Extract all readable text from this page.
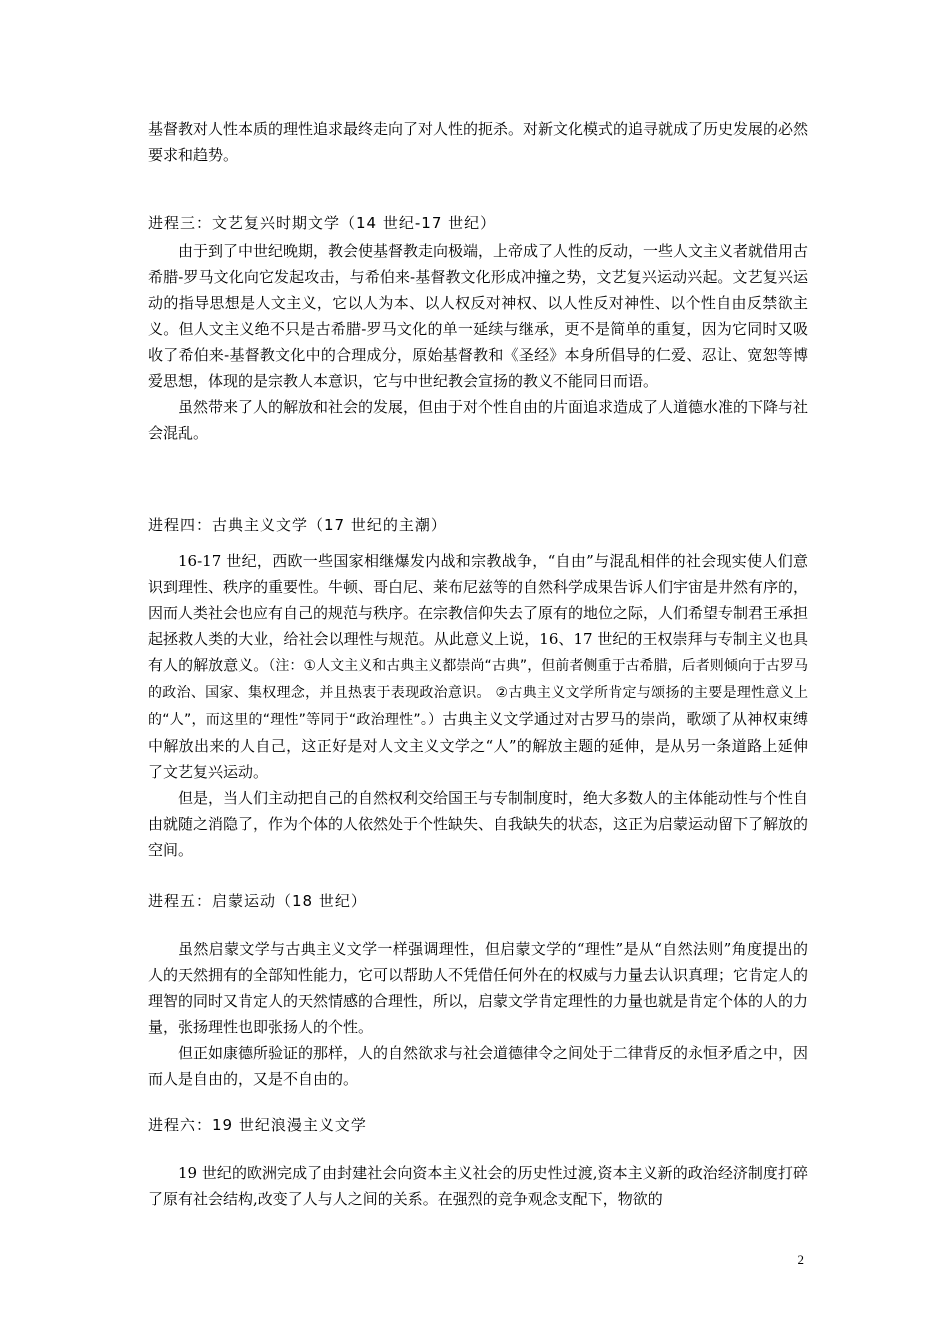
基督教对人性本质的理性追求最终走向了对人性的扼杀。对新文化模式的追寻就成了历史发展的必然要求和趋势。

进程三：文艺复兴时期文学（14 世纪-17 世纪）

由于到了中世纪晚期，教会使基督教走向极端，上帝成了人性的反动，一些人文主义者就借用古希腊-罗马文化向它发起攻击，与希伯来-基督教文化形成冲撞之势，文艺复兴运动兴起。文艺复兴运动的指导思想是人文主义，它以人为本、以人权反对神权、以人性反对神性、以个性自由反禁欲主义。但人文主义绝不只是古希腊-罗马文化的单一延续与继承，更不是简单的重复，因为它同时又吸收了希伯来-基督教文化中的合理成分，原始基督教和《圣经》本身所倡导的仁爱、忍让、宽恕等博爱思想，体现的是宗教人本意识，它与中世纪教会宣扬的教义不能同日而语。

虽然带来了人的解放和社会的发展，但由于对个性自由的片面追求造成了人道德水准的下降与社会混乱。

进程四：古典主义文学（17 世纪的主潮）

16-17 世纪，西欧一些国家相继爆发内战和宗教战争，“自由”与混乱相伴的社会现实使人们意识到理性、秩序的重要性。牛顿、哥白尼、莱布尼兹等的自然科学成果告诉人们宇宙是井然有序的，因而人类社会也应有自己的规范与秩序。在宗教信仰失去了原有的地位之际，人们希望专制君王承担起拯救人类的大业，给社会以理性与规范。从此意义上说，16、17 世纪的王权崇拜与专制主义也具有人的解放意义。（注：①人文主义和古典主义都崇尚“古典”，但前者侧重于古希腊，后者则倾向于古罗马的政治、国家、集权理念，并且热衷于表现政治意识。 ②古典主义文学所肯定与颂扬的主要是理性意义上的“人”，而这里的“理性”等同于“政治理性”。）古典主义文学通过对古罗马的崇尚，歌颂了从神权束缚中解放出来的人自己，这正好是对人文主义文学之“人”的解放主题的延伸，是从另一条道路上延伸了文艺复兴运动。

但是，当人们主动把自己的自然权利交给国王与专制制度时，绝大多数人的主体能动性与个性自由就随之消隐了，作为个体的人依然处于个性缺失、自我缺失的状态，这正为启蒙运动留下了解放的空间。

进程五：启蒙运动（18 世纪）

虽然启蒙文学与古典主义文学一样强调理性，但启蒙文学的“理性”是从“自然法则”角度提出的人的天然拥有的全部知性能力，它可以帮助人不凭借任何外在的权威与力量去认识真理；它肯定人的理智的同时又肯定人的天然情感的合理性，所以，启蒙文学肯定理性的力量也就是肯定个体的人的力量，张扬理性也即张扬人的个性。

但正如康德所验证的那样，人的自然欲求与社会道德律令之间处于二律背反的永恒矛盾之中，因而人是自由的，又是不自由的。

进程六：19 世纪浪漫主义文学

19 世纪的欧洲完成了由封建社会向资本主义社会的历史性过渡,资本主义新的政治经济制度打碎了原有社会结构,改变了人与人之间的关系。在强烈的竞争观念支配下，物欲的

2
